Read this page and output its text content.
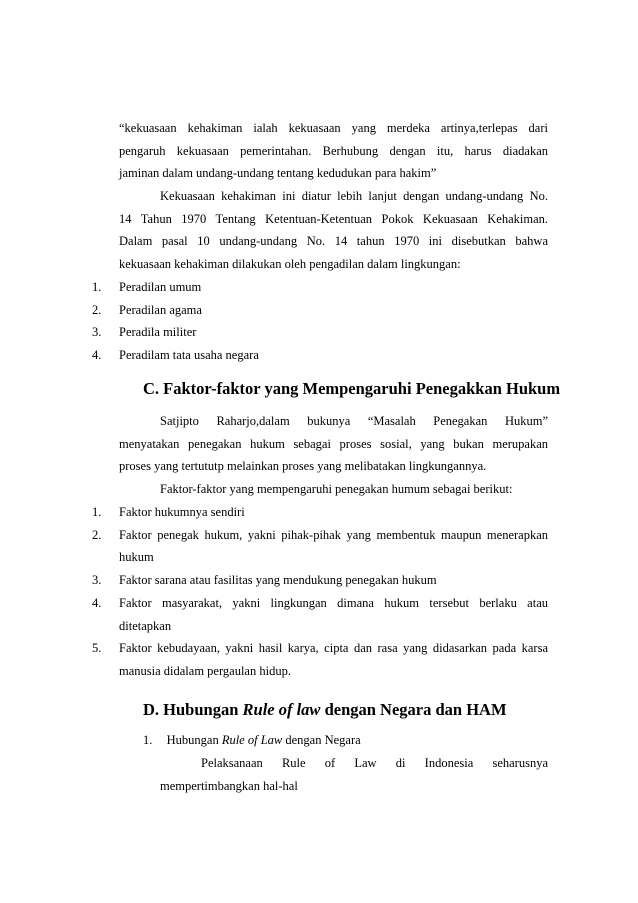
“kekuasaan kehakiman ialah kekuasaan yang merdeka artinya,terlepas dari
pengaruh kekuasaan pemerintahan. Berhubung dengan itu, harus diadakan
jaminan dalam undang-undang tentang kedudukan para hakim”
Kekuasaan kehakiman ini diatur lebih lanjut dengan undang-undang No.
14 Tahun 1970 Tentang Ketentuan-Ketentuan Pokok Kekuasaan Kehakiman.
Dalam pasal 10 undang-undang No. 14 tahun 1970 ini disebutkan bahwa
kekuasaan kehakiman dilakukan oleh pengadilan dalam lingkungan:
1. Peradilan umum
2. Peradilan agama
3. Peradila militer
4. Peradilam tata usaha negara
C. Faktor-faktor yang Mempengaruhi Penegakkan Hukum
Satjipto Raharjo,dalam bukunya “Masalah Penegakan Hukum”
menyatakan penegakan hukum sebagai proses sosial, yang bukan merupakan
proses yang tertututp melainkan proses yang melibatakan lingkungannya.
Faktor-faktor yang mempengaruhi penegakan humum sebagai berikut:
1. Faktor hukumnya sendiri
2. Faktor penegak hukum, yakni pihak-pihak yang membentuk maupun menerapkan
hukum
3. Faktor sarana atau fasilitas yang mendukung penegakan hukum
4. Faktor masyarakat, yakni lingkungan dimana hukum tersebut berlaku atau
ditetapkan
5. Faktor kebudayaan, yakni hasil karya, cipta dan rasa yang didasarkan pada karsa
manusia didalam pergaulan hidup.
D. Hubungan Rule of law dengan Negara dan HAM
1. Hubungan Rule of Law dengan Negara
Pelaksanaan Rule of Law di Indonesia seharusnya
mempertimbangkan hal-hal
